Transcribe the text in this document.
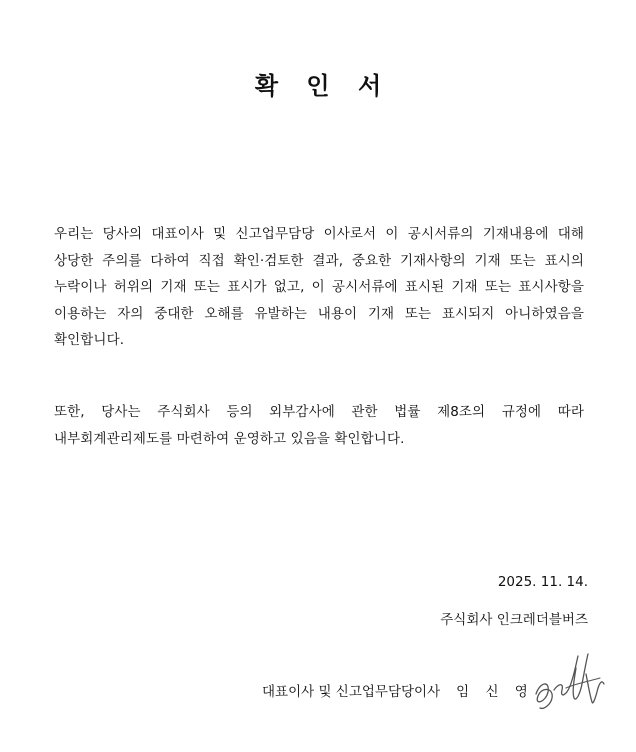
확 인 서
우리는 당사의 대표이사 및 신고업무담당 이사로서 이 공시서류의 기재내용에 대해 상당한 주의를 다하여 직접 확인·검토한 결과, 중요한 기재사항의 기재 또는 표시의 누락이나 허위의 기재 또는 표시가 없고, 이 공시서류에 표시된 기재 또는 표시사항을 이용하는 자의 중대한 오해를 유발하는 내용이 기재 또는 표시되지 아니하였음을 확인합니다.
또한, 당사는 주식회사 등의 외부감사에 관한 법률 제8조의 규정에 따라 내부회계관리제도를 마련하여 운영하고 있음을 확인합니다.
2025. 11. 14.
주식회사 인크레더블버즈
대표이사 및 신고업무담당이사 임 신 영
